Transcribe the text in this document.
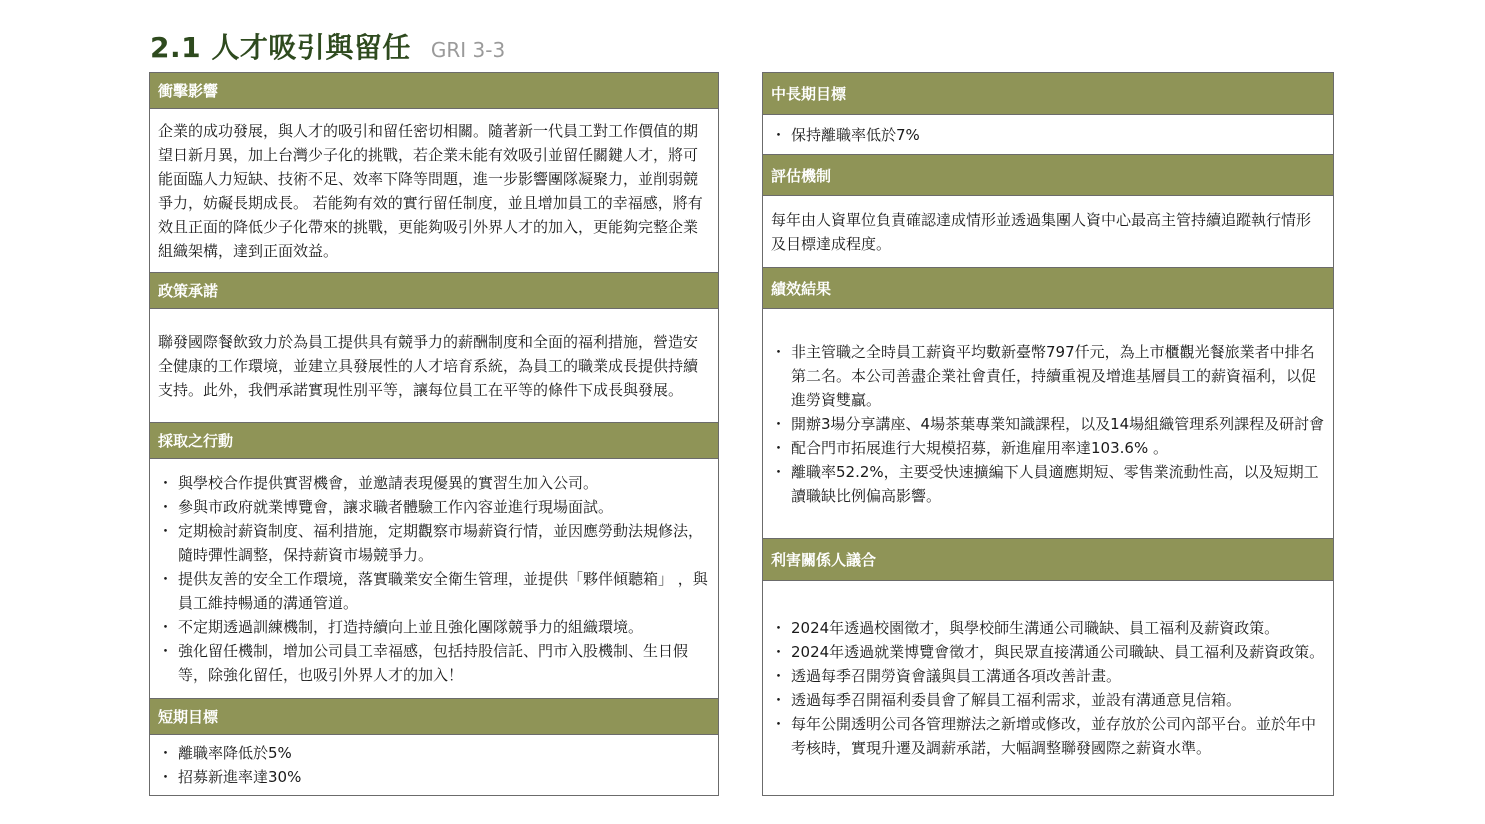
2.1 人才吸引與留任 GRI 3-3
衝擊影響

企業的成功發展，與人才的吸引和留任密切相關。隨著新一代員工對工作價值的期望日新月異，加上台灣少子化的挑戰，若企業未能有效吸引並留任關鍵人才，將可能面臨人力短缺、技術不足、效率下降等問題，進一步影響團隊凝聚力，並削弱競爭力，妨礙長期成長。 若能夠有效的實行留任制度，並且增加員工的幸福感，將有效且正面的降低少子化帶來的挑戰，更能夠吸引外界人才的加入，更能夠完整企業組織架構，達到正面效益。

政策承諾

聯發國際餐飲致力於為員工提供具有競爭力的薪酬制度和全面的福利措施，營造安全健康的工作環境，並建立具發展性的人才培育系統，為員工的職業成長提供持續支持。此外，我們承諾實現性別平等，讓每位員工在平等的條件下成長與發展。

採取之行動
・ 與學校合作提供實習機會，並邀請表現優異的實習生加入公司。
・ 參與市政府就業博覽會，讓求職者體驗工作內容並進行現場面試。
・ 定期檢討薪資制度、福利措施，定期觀察市場薪資行情，並因應勞動法規修法，隨時彈性調整，保持薪資市場競爭力。
・ 提供友善的安全工作環境，落實職業安全衛生管理，並提供「夥伴傾聽箱」 ，與員工維持暢通的溝通管道。
・ 不定期透過訓練機制，打造持續向上並且強化團隊競爭力的組織環境。
・ 強化留任機制，增加公司員工幸福感，包括持股信託、門市入股機制、生日假等，除強化留任，也吸引外界人才的加入！
短期目標
・ 離職率降低於5%
・ 招募新進率達30%
中長期目標
・ 保持離職率低於7%
評估機制

每年由人資單位負責確認達成情形並透過集團人資中心最高主管持續追蹤執行情形及目標達成程度。

績效結果
・ 非主管職之全時員工薪資平均數新臺幣797仟元，為上市櫃觀光餐旅業者中排名第二名。本公司善盡企業社會責任，持續重視及增進基層員工的薪資福利，以促進勞資雙贏。
・ 開辦3場分享講座、4場茶葉專業知識課程，以及14場組織管理系列課程及研討會
・ 配合門市拓展進行大規模招募，新進雇用率達103.6% 。
・ 離職率52.2%，主要受快速擴編下人員適應期短、零售業流動性高，以及短期工讀職缺比例偏高影響。
利害關係人議合
・ 2024年透過校園徵才，與學校師生溝通公司職缺、員工福利及薪資政策。
・ 2024年透過就業博覽會徵才，與民眾直接溝通公司職缺、員工福利及薪資政策。
・ 透過每季召開勞資會議與員工溝通各項改善計畫。
・ 透過每季召開福利委員會了解員工福利需求，並設有溝通意見信箱。
・ 每年公開透明公司各管理辦法之新增或修改，並存放於公司內部平台。並於年中考核時，實現升遷及調薪承諾，大幅調整聯發國際之薪資水準。
